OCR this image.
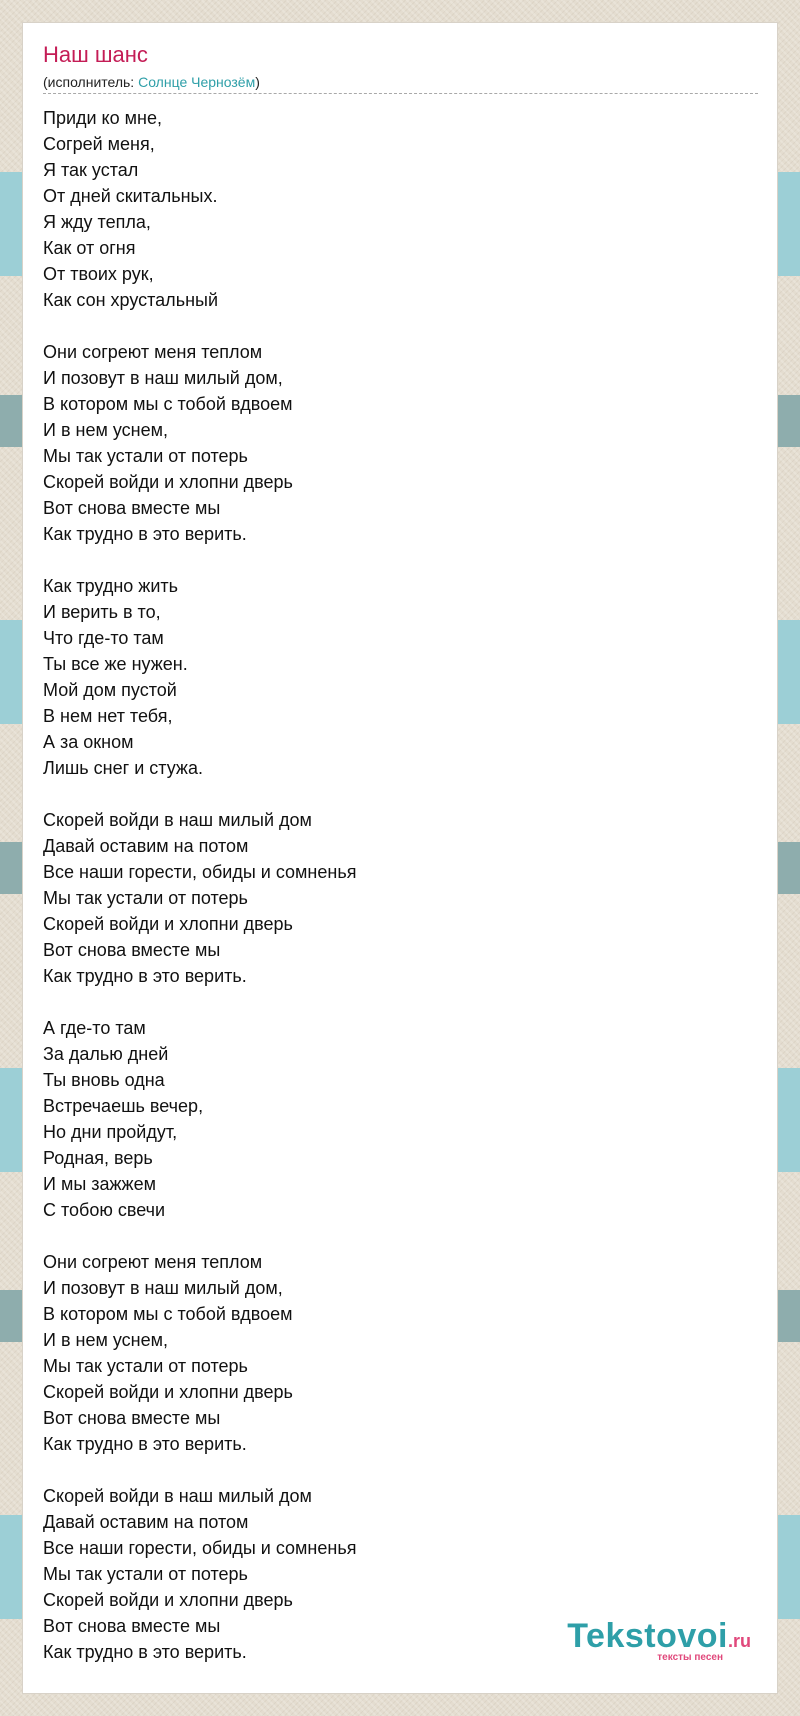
Наш шанс
(исполнитель: Солнце Чернозём)
Приди ко мне,
Согрей меня,
Я так устал
От дней скитальных.
Я жду тепла,
Как от огня
От твоих рук,
Как сон хрустальный
Они согреют меня теплом
И позовут в наш милый дом,
В котором мы с тобой вдвоем
И в нем уснем,
Мы так устали от потерь
Скорей войди и хлопни дверь
Вот снова вместе мы
Как трудно в это верить.
Как трудно жить
И верить в то,
Что где-то там
Ты все же нужен.
Мой дом пустой
В нем нет тебя,
А за окном
Лишь снег и стужа.
Скорей войди в наш милый дом
Давай оставим на потом
Все наши горести, обиды и сомненья
Мы так устали от потерь
Скорей войди и хлопни дверь
Вот снова вместе мы
Как трудно в это верить.
А где-то там
За далью дней
Ты вновь одна
Встречаешь вечер,
Но дни пройдут,
Родная, верь
И мы зажжем
С тобою свечи
Они согреют меня теплом
И позовут в наш милый дом,
В котором мы с тобой вдвоем
И в нем уснем,
Мы так устали от потерь
Скорей войди и хлопни дверь
Вот снова вместе мы
Как трудно в это верить.
Скорей войди в наш милый дом
Давай оставим на потом
Все наши горести, обиды и сомненья
Мы так устали от потерь
Скорей войди и хлопни дверь
Вот снова вместе мы
Как трудно в это верить.	Tekstovoi.ru
тексты песен
